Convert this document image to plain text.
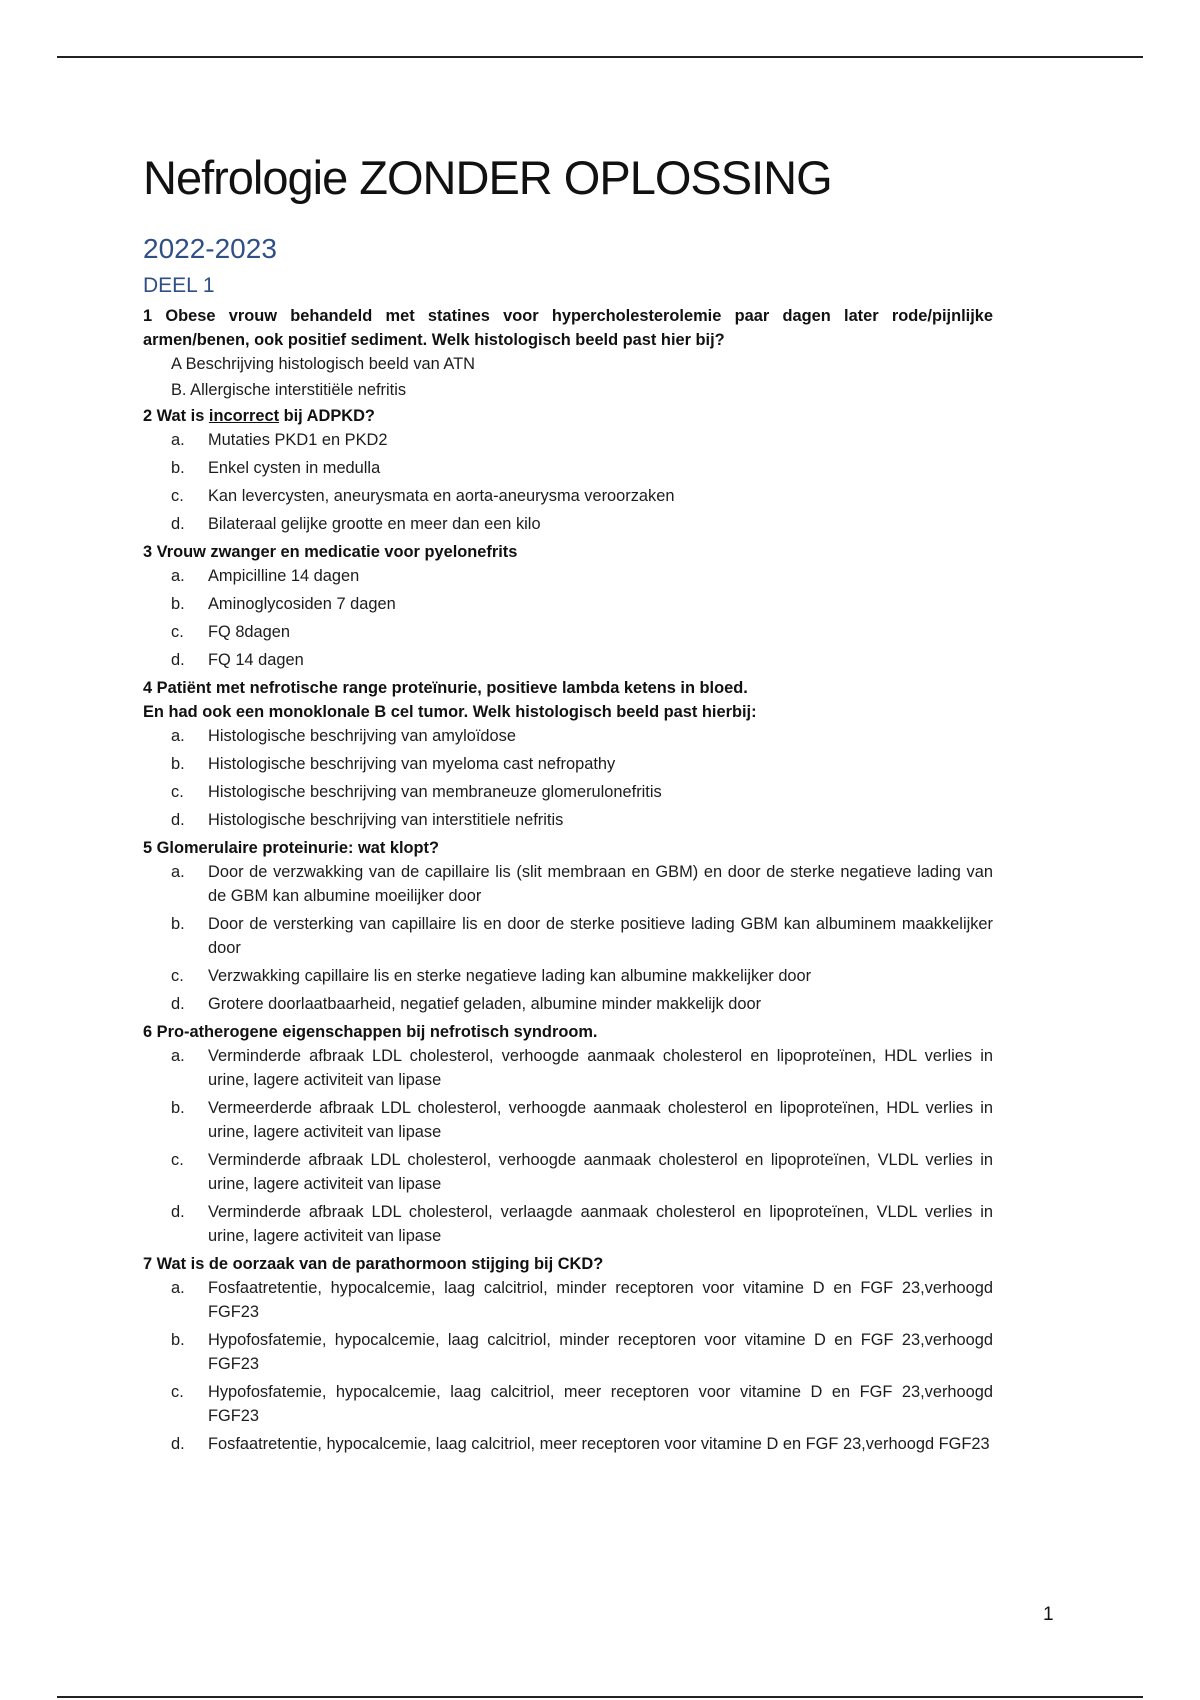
Nefrologie ZONDER OPLOSSING
2022-2023
DEEL 1

1 Obese vrouw behandeld met statines voor hypercholesterolemie paar dagen later rode/pijnlijke armen/benen, ook positief sediment. Welk histologisch beeld past hier bij?

A Beschrijving histologisch beeld van ATN
B. Allergische interstitiële nefritis

2 Wat is incorrect bij ADPKD?

a.	Mutaties PKD1 en PKD2
b.	Enkel cysten in medulla
c.	Kan levercysten, aneurysmata en aorta-aneurysma veroorzaken
d.	Bilateraal gelijke grootte en meer dan een kilo

3 Vrouw zwanger en medicatie voor pyelonefrits

a.	Ampicilline 14 dagen
b.	Aminoglycosiden 7 dagen
c.	FQ 8dagen
d.	FQ 14 dagen

4 Patiënt met nefrotische range proteïnurie, positieve lambda ketens in bloed.

En had ook een monoklonale B cel tumor. Welk histologisch beeld past hierbij:

a.	Histologische beschrijving van amyloïdose
b.	Histologische beschrijving van myeloma cast nefropathy
c.	Histologische beschrijving van membraneuze glomerulonefritis
d.	Histologische beschrijving van interstitiele nefritis

5 Glomerulaire proteinurie: wat klopt?

a.	Door de verzwakking van de capillaire lis (slit membraan en GBM) en door de sterke negatieve lading van de GBM kan albumine moeilijker door
b.	Door de versterking van capillaire lis en door de sterke positieve lading GBM kan albuminem maakkelijker door
c.	Verzwakking capillaire lis en sterke negatieve lading kan albumine makkelijker door
d.	Grotere doorlaatbaarheid, negatief geladen, albumine minder makkelijk door

6 Pro-atherogene eigenschappen bij nefrotisch syndroom.

a.	Verminderde afbraak LDL cholesterol, verhoogde aanmaak cholesterol en lipoproteïnen, HDL verlies in urine, lagere activiteit van lipase
b.	Vermeerderde afbraak LDL cholesterol, verhoogde aanmaak cholesterol en lipoproteïnen, HDL verlies in urine, lagere activiteit van lipase
c.	Verminderde afbraak LDL cholesterol, verhoogde aanmaak cholesterol en lipoproteïnen, VLDL verlies in urine, lagere activiteit van lipase
d.	Verminderde afbraak LDL cholesterol, verlaagde aanmaak cholesterol en lipoproteïnen, VLDL verlies in urine, lagere activiteit van lipase

7 Wat is de oorzaak van de parathormoon stijging bij CKD?

a.	Fosfaatretentie, hypocalcemie, laag calcitriol, minder receptoren voor vitamine D en FGF 23,verhoogd FGF23
b.	Hypofosfatemie, hypocalcemie, laag calcitriol, minder receptoren voor vitamine D en FGF 23,verhoogd FGF23
c.	Hypofosfatemie, hypocalcemie, laag calcitriol, meer receptoren voor vitamine D en FGF 23,verhoogd FGF23
d.	Fosfaatretentie, hypocalcemie, laag calcitriol, meer receptoren voor vitamine D en FGF 23,verhoogd FGF23
1
